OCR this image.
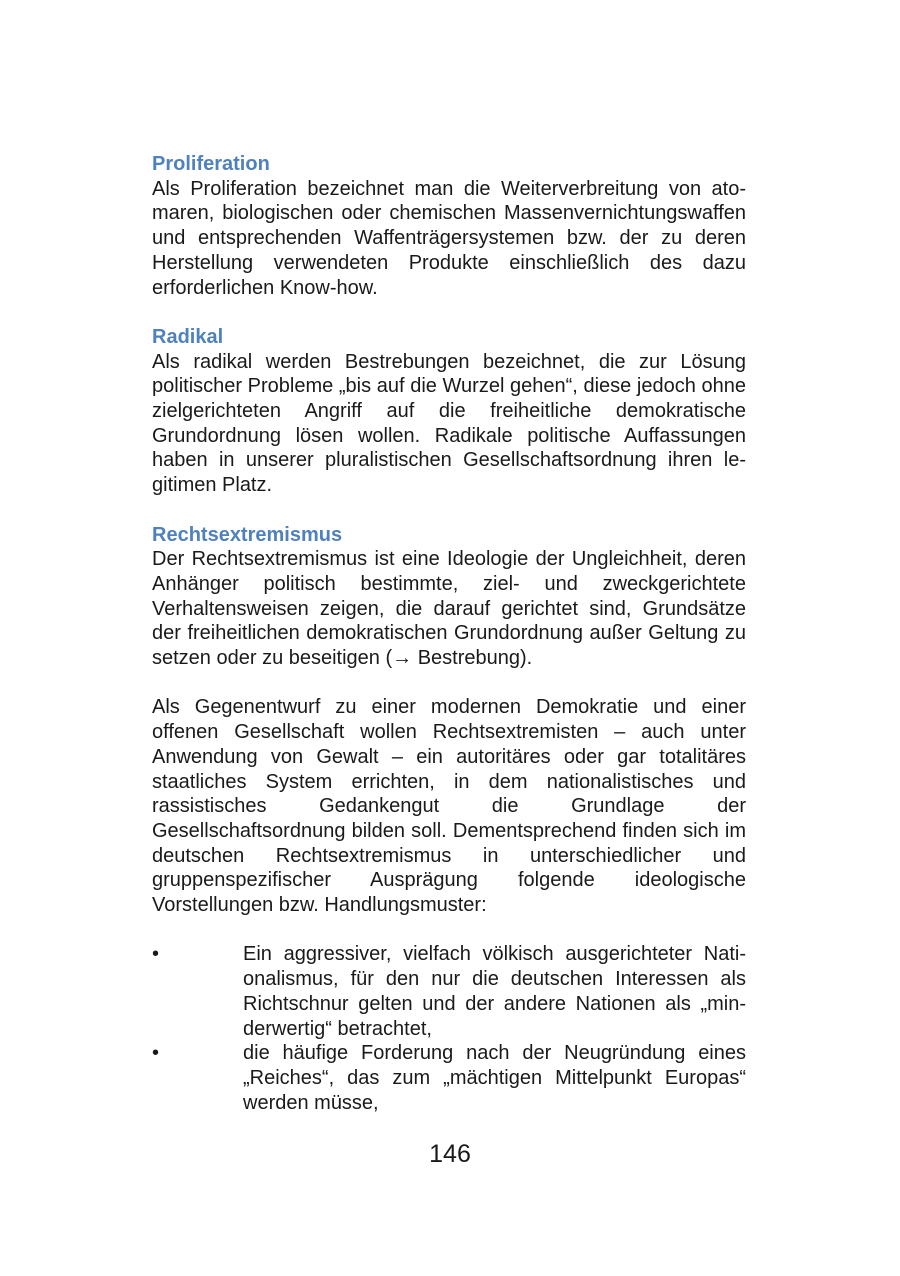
Proliferation
Als Proliferation bezeichnet man die Weiterverbreitung von atomaren, biologischen oder chemischen Massenvernichtungswaffen und entsprechenden Waffenträgersystemen bzw. der zu deren Herstellung verwendeten Produkte einschließlich des dazu erforderlichen Know-how.
Radikal
Als radikal werden Bestrebungen bezeichnet, die zur Lösung politischer Probleme „bis auf die Wurzel gehen“, diese jedoch ohne zielgerichteten Angriff auf die freiheitliche demokratische Grundordnung lösen wollen. Radikale politische Auffassungen haben in unserer pluralistischen Gesellschaftsordnung ihren legitimen Platz.
Rechtsextremismus
Der Rechtsextremismus ist eine Ideologie der Ungleichheit, deren Anhänger politisch bestimmte, ziel- und zweckgerichtete Verhaltensweisen zeigen, die darauf gerichtet sind, Grundsätze der freiheitlichen demokratischen Grundordnung außer Geltung zu setzen oder zu beseitigen (→ Bestrebung).
Als Gegenentwurf zu einer modernen Demokratie und einer offenen Gesellschaft wollen Rechtsextremisten – auch unter Anwendung von Gewalt – ein autoritäres oder gar totalitäres staatliches System errichten, in dem nationalistisches und rassistisches Gedankengut die Grundlage der Gesellschaftsordnung bilden soll. Dementsprechend finden sich im deutschen Rechtsextremismus in unterschiedlicher und gruppenspezifischer Ausprägung folgende ideologische Vorstellungen bzw. Handlungsmuster:
•	Ein aggressiver, vielfach völkisch ausgerichteter Nationalismus, für den nur die deutschen Interessen als Richtschnur gelten und der andere Nationen als „minderwertig“ betrachtet,
•	die häufige Forderung nach der Neugründung eines „Reiches“, das zum „mächtigen Mittelpunkt Europas“ werden müsse,
146
